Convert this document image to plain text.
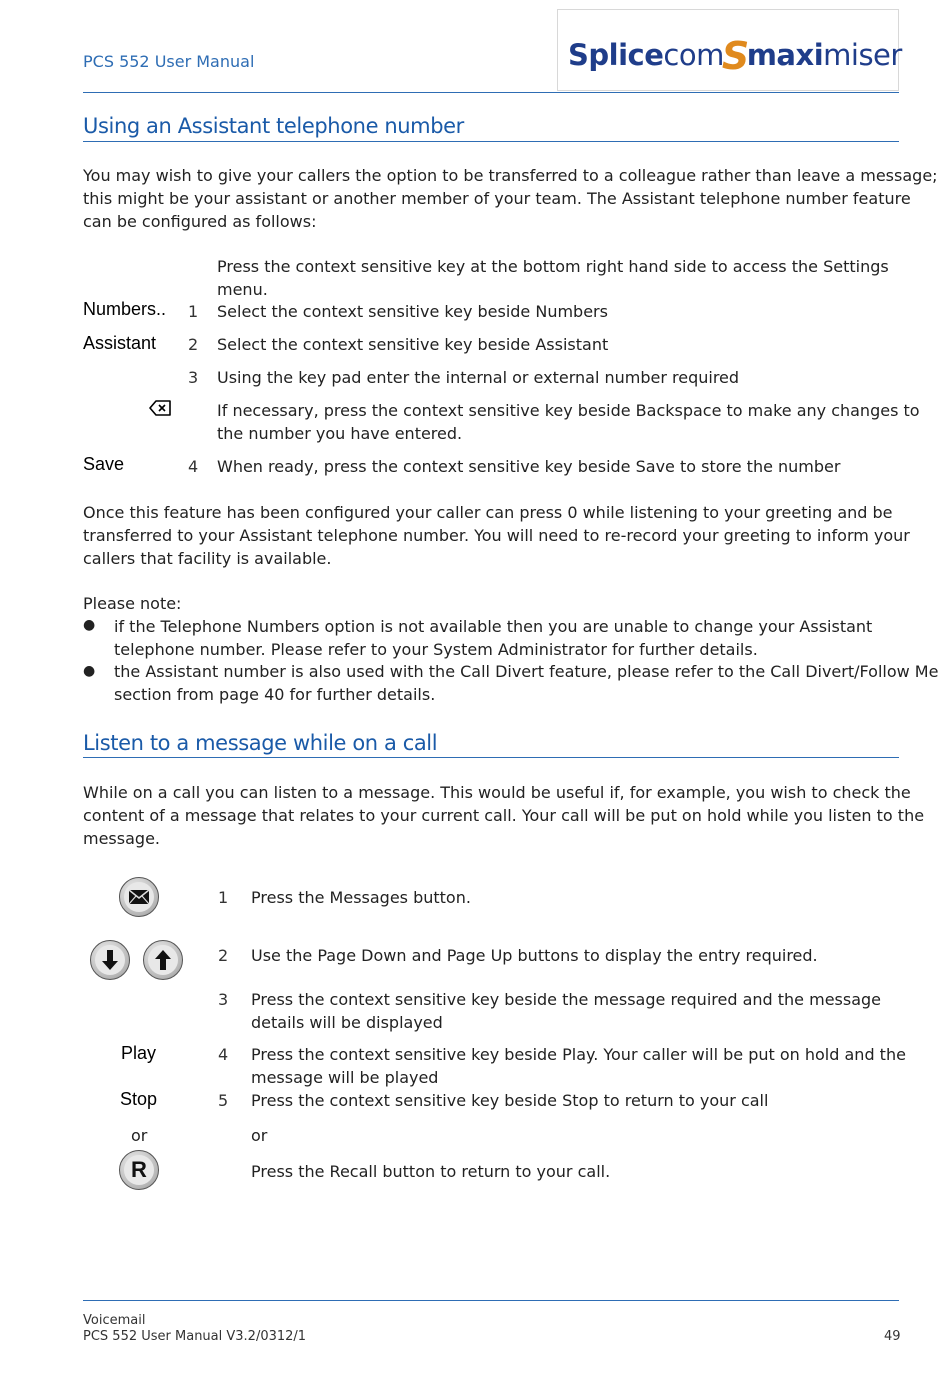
PCS 552 User Manual	SplicecomSmaximiser
Using an Assistant telephone number
You may wish to give your callers the option to be transferred to a colleague rather than leave a message;
this might be your assistant or another member of your team. The Assistant telephone number feature
can be configured as follows:
Press the context sensitive key at the bottom right hand side to access the Settings
menu.
Numbers.. 1 Select the context sensitive key beside Numbers
Assistant 2 Select the context sensitive key beside Assistant
3 Using the key pad enter the internal or external number required
If necessary, press the context sensitive key beside Backspace to make any changes to
the number you have entered.
Save	4 When ready, press the context sensitive key beside Save to store the number
Once this feature has been configured your caller can press 0 while listening to your greeting and be
transferred to your Assistant telephone number. You will need to re-record your greeting to inform your
callers that facility is available.
Please note:
● if the Telephone Numbers option is not available then you are unable to change your Assistant
telephone number. Please refer to your System Administrator for further details.
● the Assistant number is also used with the Call Divert feature, please refer to the Call Divert/Follow Me
section from page 40 for further details.
Listen to a message while on a call
While on a call you can listen to a message. This would be useful if, for example, you wish to check the
content of a message that relates to your current call. Your call will be put on hold while you listen to the
message.
1 Press the Messages button.
2 Use the Page Down and Page Up buttons to display the entry required.
3 Press the context sensitive key beside the message required and the message
details will be displayed
Play	4 Press the context sensitive key beside Play. Your caller will be put on hold and the
message will be played
Stop	5 Press the context sensitive key beside Stop to return to your call
or	or
R	Press the Recall button to return to your call.
Voicemail
PCS 552 User Manual V3.2/0312/1	49
